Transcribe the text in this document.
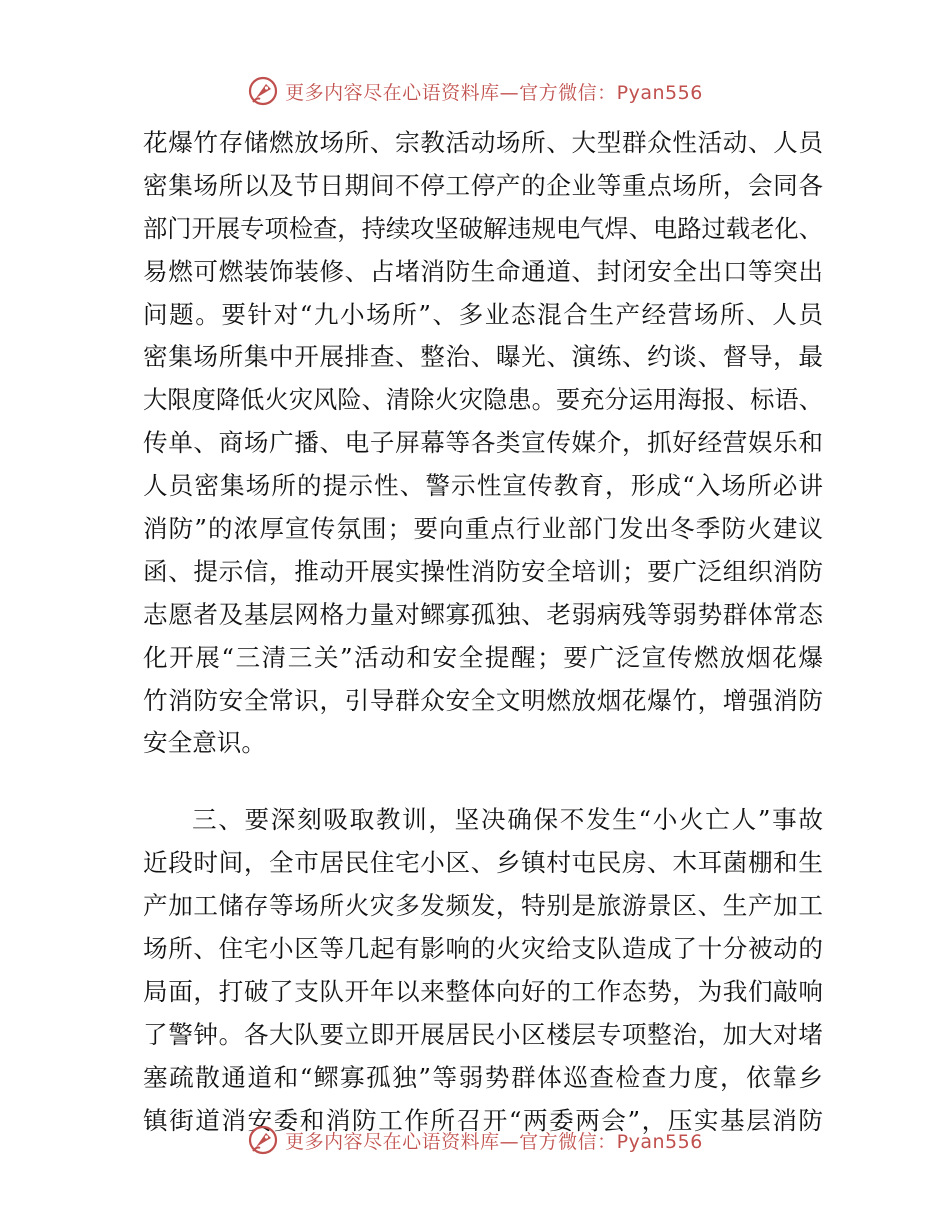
更多内容尽在心语资料库—官方微信：Pyan556
花爆竹存储燃放场所、宗教活动场所、大型群众性活动、人员
密集场所以及节日期间不停工停产的企业等重点场所，会同各
部门开展专项检查，持续攻坚破解违规电气焊、电路过载老化、
易燃可燃装饰装修、占堵消防生命通道、封闭安全出口等突出
问题。要针对“九小场所”、多业态混合生产经营场所、人员
密集场所集中开展排查、整治、曝光、演练、约谈、督导，最
大限度降低火灾风险、清除火灾隐患。要充分运用海报、标语、
传单、商场广播、电子屏幕等各类宣传媒介，抓好经营娱乐和
人员密集场所的提示性、警示性宣传教育，形成“入场所必讲
消防”的浓厚宣传氛围；要向重点行业部门发出冬季防火建议
函、提示信，推动开展实操性消防安全培训；要广泛组织消防
志愿者及基层网格力量对鳏寡孤独、老弱病残等弱势群体常态
化开展“三清三关”活动和安全提醒；要广泛宣传燃放烟花爆
竹消防安全常识，引导群众安全文明燃放烟花爆竹，增强消防
安全意识。
三、要深刻吸取教训，坚决确保不发生“小火亡人”事故
近段时间，全市居民住宅小区、乡镇村屯民房、木耳菌棚和生
产加工储存等场所火灾多发频发，特别是旅游景区、生产加工
场所、住宅小区等几起有影响的火灾给支队造成了十分被动的
局面，打破了支队开年以来整体向好的工作态势，为我们敲响
了警钟。各大队要立即开展居民小区楼层专项整治，加大对堵
塞疏散通道和“鳏寡孤独”等弱势群体巡查检查力度，依靠乡
镇街道消安委和消防工作所召开“两委两会”，压实基层消防
更多内容尽在心语资料库—官方微信：Pyan556
